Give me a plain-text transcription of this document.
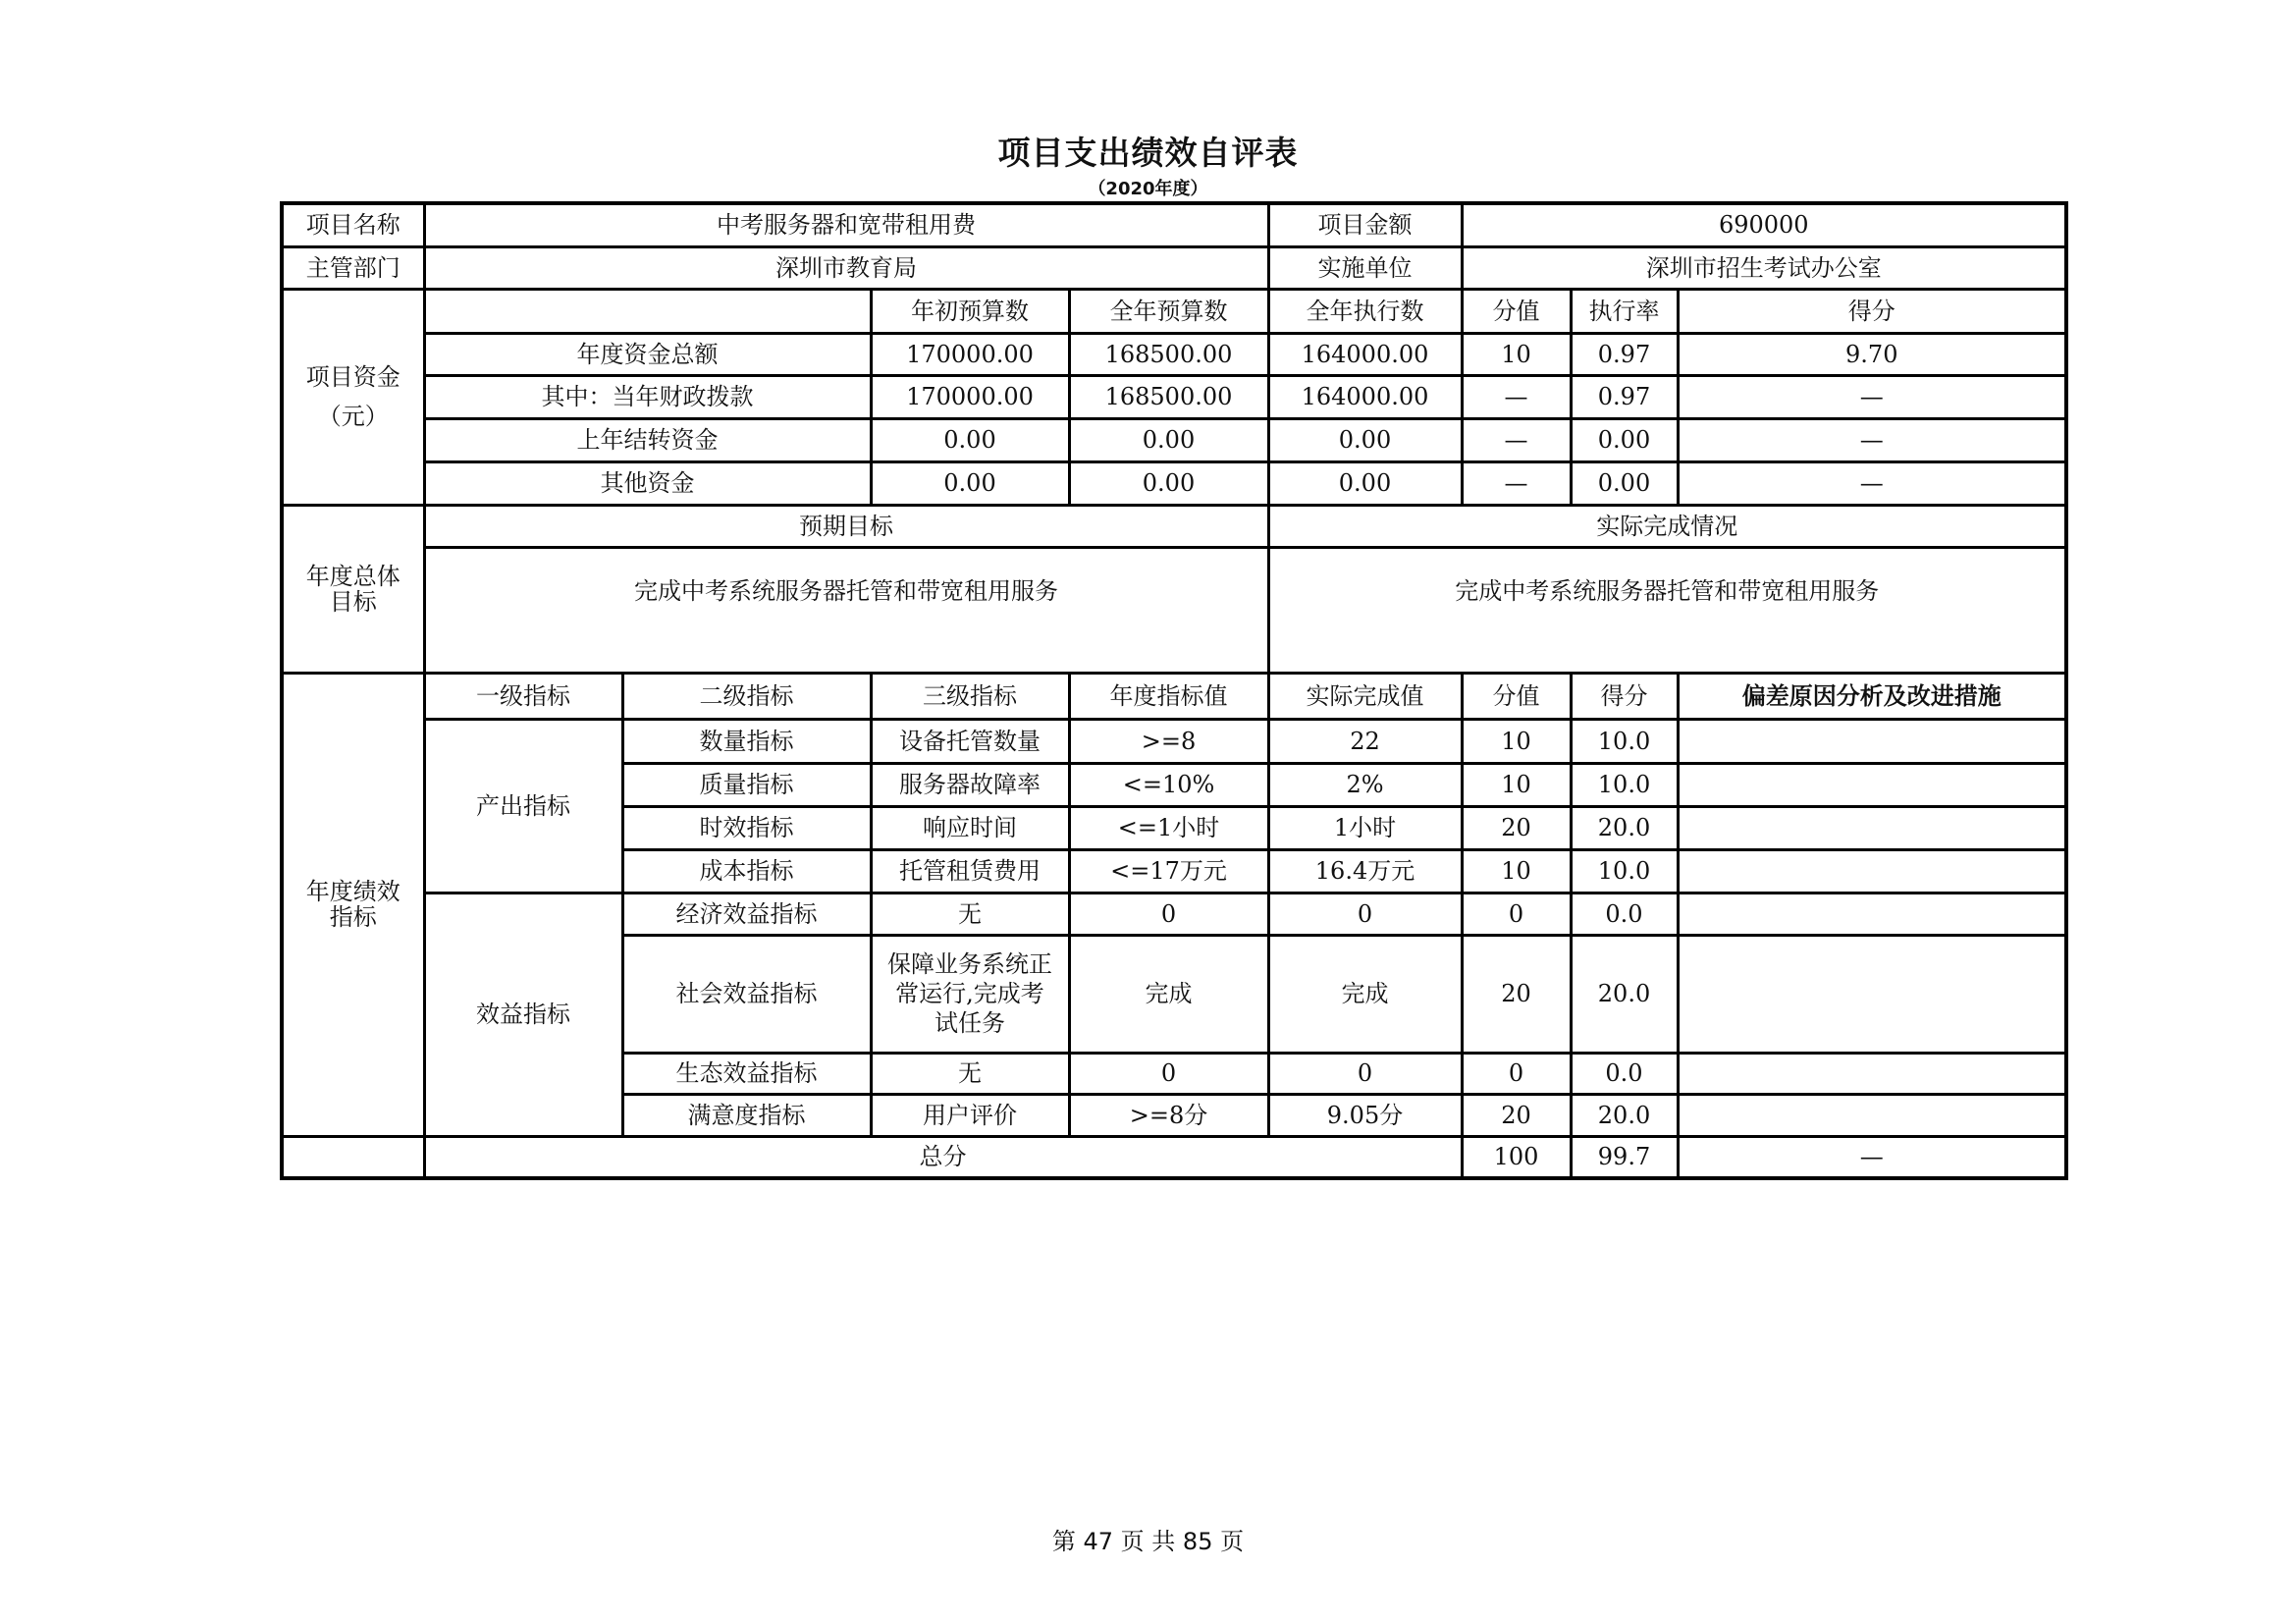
项目支出绩效自评表
（2020年度）
项目名称	中考服务器和宽带租用费				项目金额	690000		
主管部门	深圳市教育局				实施单位	深圳市招生考试办公室		

项目资金
（元）			年初预算数	全年预算数	全年执行数	分值	执行率	得分
	年度资金总额		170000.00	168500.00	164000.00	10	0.97	9.70
	其中：当年财政拨款		170000.00	168500.00	164000.00	—	0.97	—
	上年结转资金		0.00	0.00	0.00	—	0.00	—
	其他资金		0.00	0.00	0.00	—	0.00	—
年度总体目标	预期目标				实际完成情况			
	完成中考系统服务器托管和带宽租用服务				完成中考系统服务器托管和带宽租用服务			
年度绩效指标	一级指标	二级指标	三级指标	年度指标值	实际完成值	分值	得分	偏差原因分析及改进措施
	产出指标	数量指标	设备托管数量	>=8	22	10	10.0	
		质量指标	服务器故障率	<=10%	2%	10	10.0	
		时效指标	响应时间	<=1小时	1小时	20	20.0	
		成本指标	托管租赁费用	<=17万元	16.4万元	10	10.0	
	效益指标	经济效益指标	无	0	0	0	0.0	
		社会效益指标	保障业务系统正常运行,完成考试任务	完成	完成	20	20.0	
		生态效益指标	无	0	0	0	0.0	
		满意度指标	用户评价	>=8分	9.05分	20	20.0	
	总分					100	99.7	—
第 47 页 共 85 页
